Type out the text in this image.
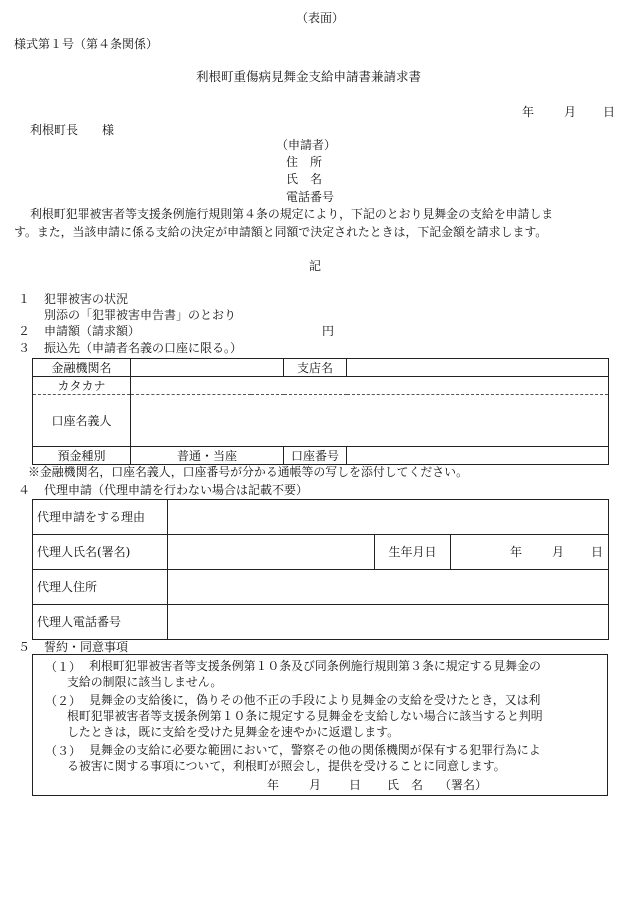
（表面）
様式第１号（第４条関係）
利根町重傷病見舞金支給申請書兼請求書
年 月 日
利根町長　　様
（申請者）
住　所
氏　名
電話番号
利根町犯罪被害者等支援条例施行規則第４条の規定により，下記のとおり見舞金の支給を申請しま
す。また，当該申請に係る支給の決定が申請額と同額で決定されたときは，下記金額を請求します。
記
１ 犯罪被害の状況
別添の「犯罪被害申告書」のとおり
２ 申請額（請求額）	円
３ 振込先（申請者名義の口座に限る。）
金融機関名		支店名	
カタカナ			
口座名義人			
預金種別	普通・当座	口座番号	
※金融機関名，口座名義人，口座番号が分かる通帳等の写しを添付してください。
４ 代理申請（代理申請を行わない場合は記載不要）
代理申請をする理由			
代理人氏名(署名)		生年月日	年 月 日

代理人住所			
代理人電話番号			
５ 誓約・同意事項
（１） 利根町犯罪被害者等支援条例第１０条及び同条例施行規則第３条に規定する見舞金の
支給の制限に該当しません。
（２） 見舞金の支給後に，偽りその他不正の手段により見舞金の支給を受けたとき，又は利
根町犯罪被害者等支援条例第１０条に規定する見舞金を支給しない場合に該当すると判明
したときは，既に支給を受けた見舞金を速やかに返還します。
（３） 見舞金の支給に必要な範囲において，警察その他の関係機関が保有する犯罪行為によ
る被害に関する事項について，利根町が照会し，提供を受けることに同意します。
年 月 日 氏　名 （署名）
